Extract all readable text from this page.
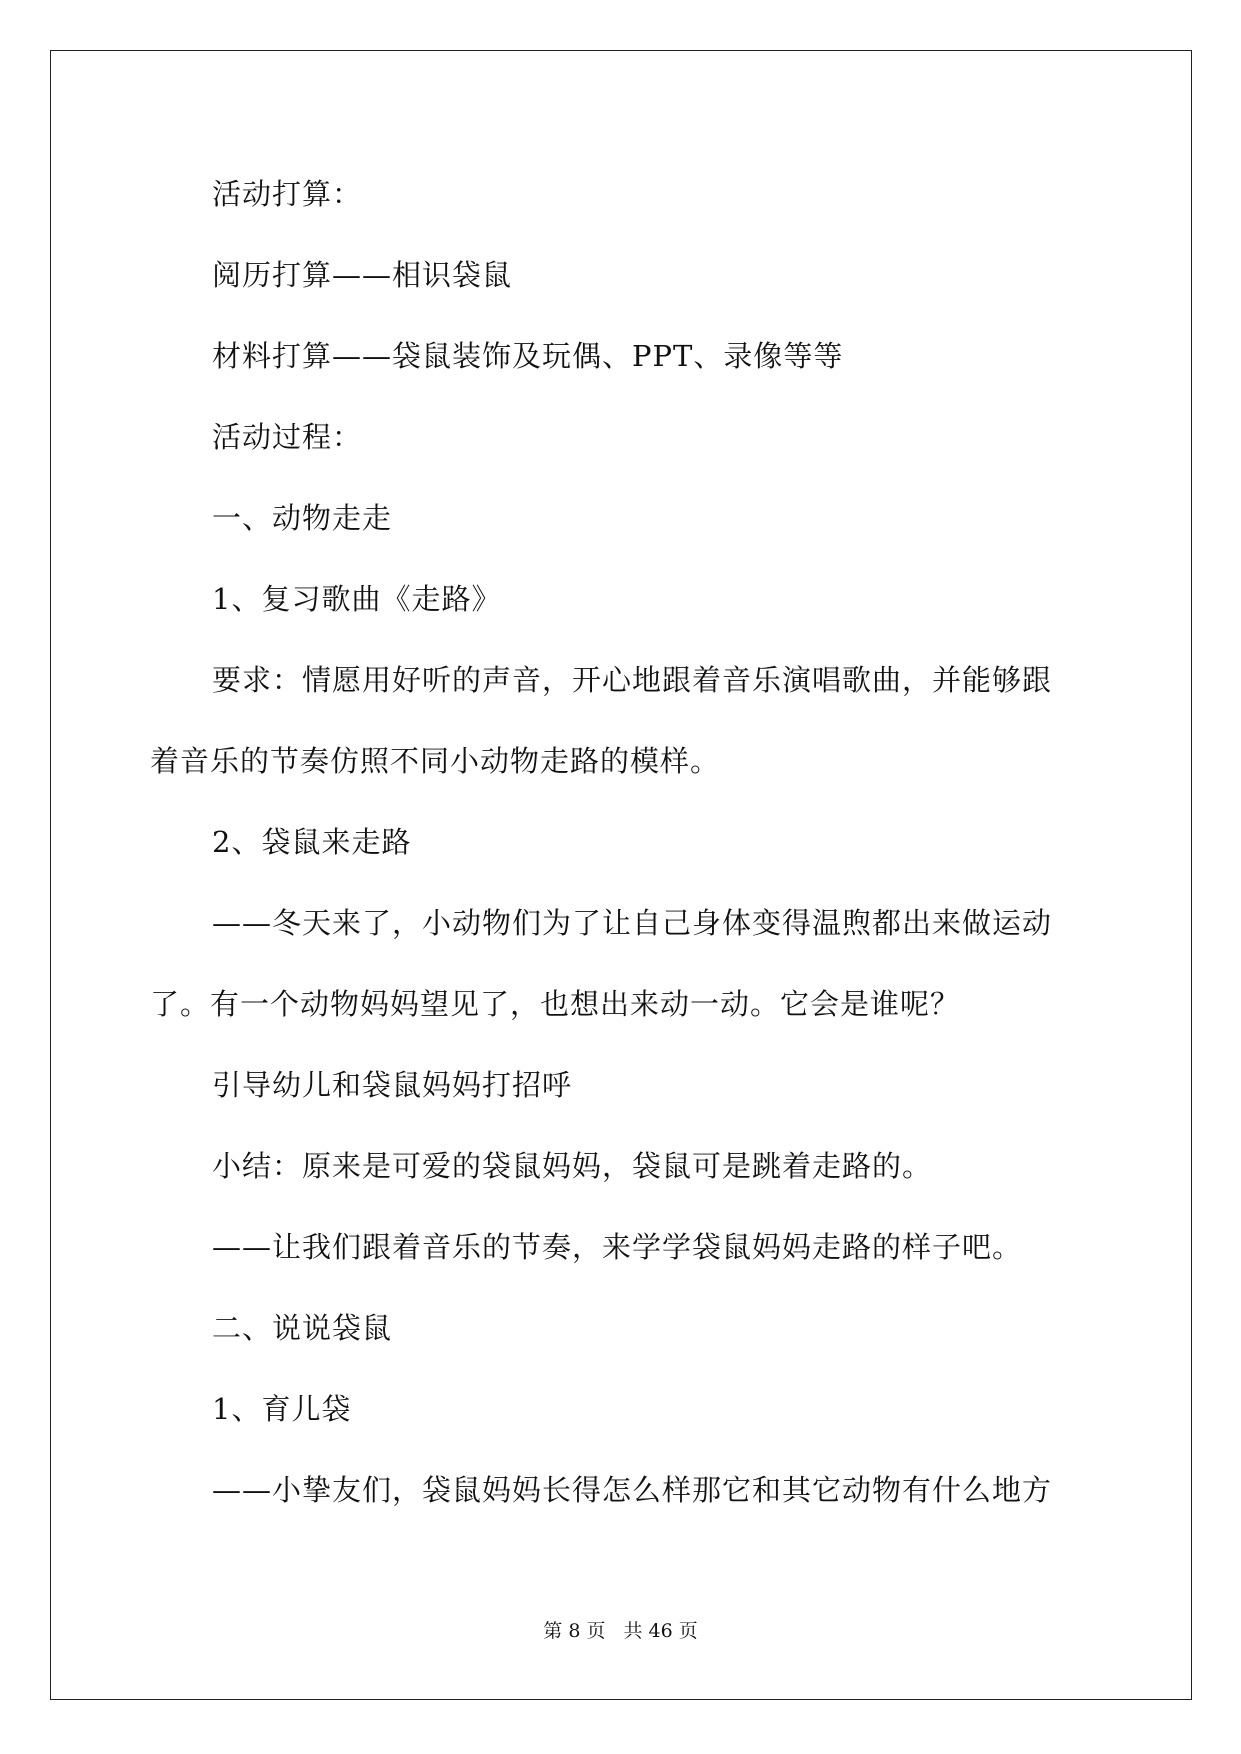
活动打算：
阅历打算——相识袋鼠
材料打算——袋鼠装饰及玩偶、PPT、录像等等
活动过程：
一、动物走走
1、复习歌曲《走路》
要求：情愿用好听的声音，开心地跟着音乐演唱歌曲，并能够跟
着音乐的节奏仿照不同小动物走路的模样。
2、袋鼠来走路
——冬天来了，小动物们为了让自己身体变得温煦都出来做运动
了。有一个动物妈妈望见了，也想出来动一动。它会是谁呢？
引导幼儿和袋鼠妈妈打招呼
小结：原来是可爱的袋鼠妈妈，袋鼠可是跳着走路的。
——让我们跟着音乐的节奏，来学学袋鼠妈妈走路的样子吧。
二、说说袋鼠
1、育儿袋
——小挚友们，袋鼠妈妈长得怎么样那它和其它动物有什么地方
第 8 页 共 46 页
